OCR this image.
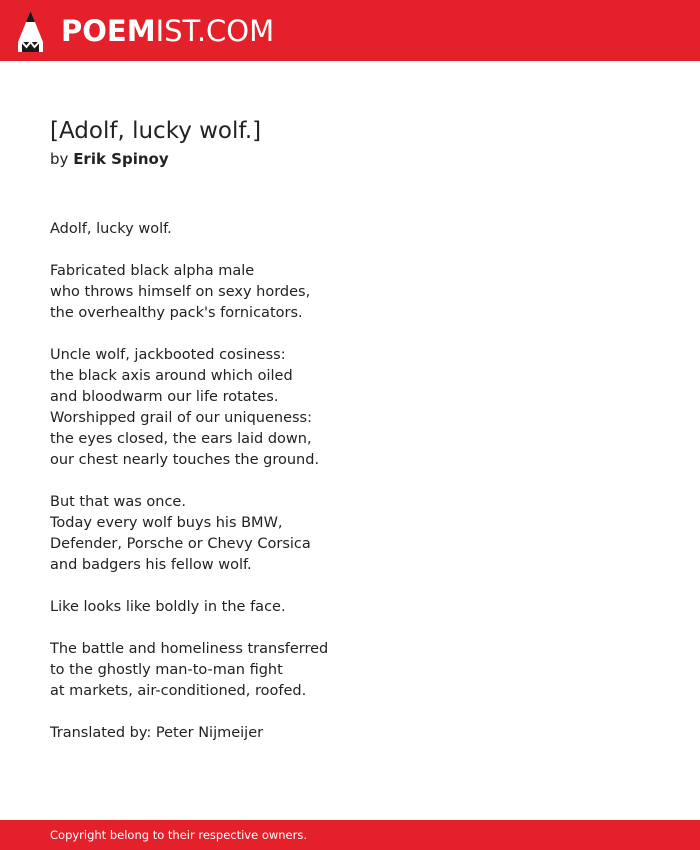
POEMIST.COM
[Adolf, lucky wolf.]
by Erik Spinoy

Adolf, lucky wolf.

Fabricated black alpha male
who throws himself on sexy hordes,
the overhealthy pack's fornicators.

Uncle wolf, jackbooted cosiness:
the black axis around which oiled
and bloodwarm our life rotates.
Worshipped grail of our uniqueness:
the eyes closed, the ears laid down,
our chest nearly touches the ground.

But that was once.
Today every wolf buys his BMW,
Defender, Porsche or Chevy Corsica
and badgers his fellow wolf.

Like looks like boldly in the face.

The battle and homeliness transferred
to the ghostly man-to-man fight
at markets, air-conditioned, roofed.

Translated by: Peter Nijmeijer
Copyright belong to their respective owners.
